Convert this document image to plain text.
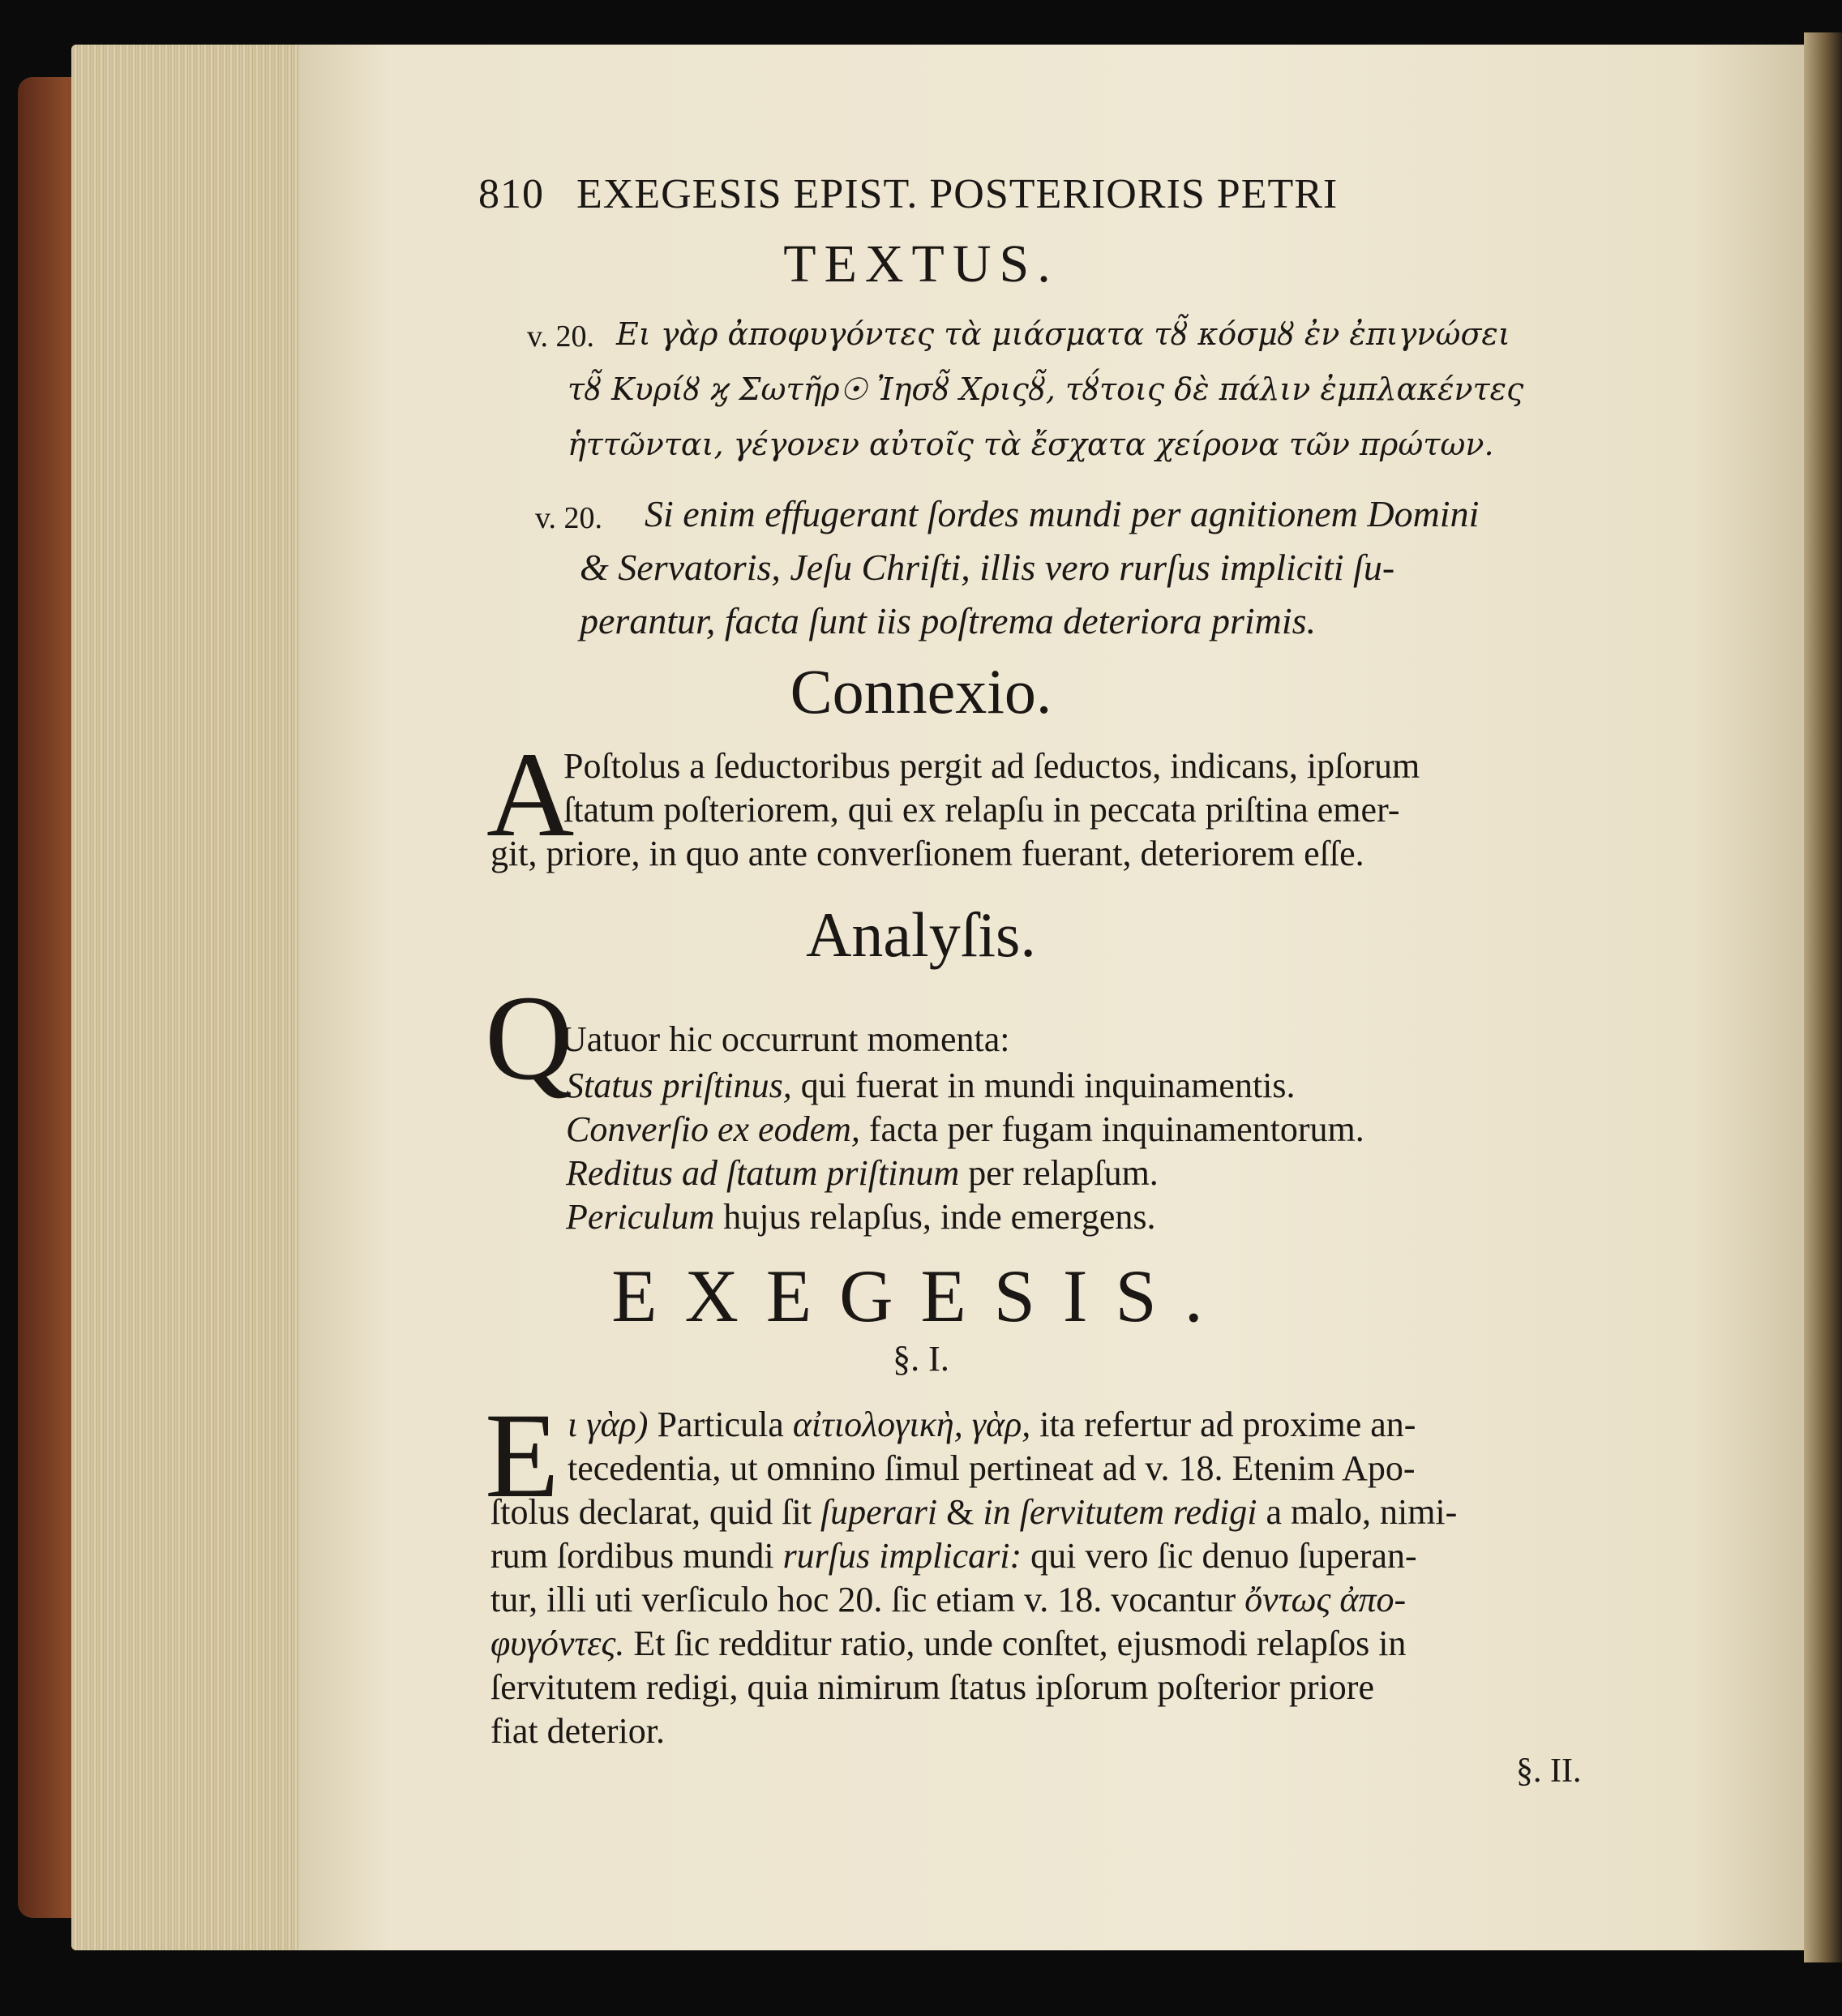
810 EXEGESIS EPIST. POSTERIORIS PETRI
TEXTUS.
v. 20. Ει γὰρ ἀποφυγόντες τὰ μιάσματα τȣ̃ κόσμȣ ἐν ἐπιγνώσει
τȣ̃ Κυρίȣ ϗ Σωτῆρ☉ Ἰησȣ̃ Χριςȣ̃, τȣ́τοις δὲ πάλιν ἐμπλακέντες
ἡττῶνται, γέγονεν αὐτοῖς τὰ ἔσχατα χείρονα τῶν πρώτων.
v. 20. Si enim effugerant ſordes mundi per agnitionem Domini
& Servatoris, Jeſu Chriſti, illis vero rurſus impliciti ſu-
perantur, facta ſunt iis poſtrema deteriora primis.
Connexio.
A
Poſtolus a ſeductoribus pergit ad ſeductos, indicans, ipſorum
ſtatum poſteriorem, qui ex relapſu in peccata priſtina emer-
git, priore, in quo ante converſionem fuerant, deteriorem eſſe.
Analyſis.
Q
Uatuor hic occurrunt momenta:
Status priſtinus, qui fuerat in mundi inquinamentis.
Converſio ex eodem, facta per fugam inquinamentorum.
Reditus ad ſtatum priſtinum per relapſum.
Periculum hujus relapſus, inde emergens.
EXEGESIS.
§. I.
E ι γὰρ) Particula αἰτιολογικὴ, γὰρ, ita refertur ad proxime an-
tecedentia, ut omnino ſimul pertineat ad v. 18. Etenim Apo-
ſtolus declarat, quid ſit ſuperari & in ſervitutem redigi a malo, nimi-
rum ſordibus mundi rurſus implicari: qui vero ſic denuo ſuperan-
tur, illi uti verſiculo hoc 20. ſic etiam v. 18. vocantur ὄντως ἀπο-
φυγόντες. Et ſic redditur ratio, unde conſtet, ejusmodi relapſos in
ſervitutem redigi, quia nimirum ſtatus ipſorum poſterior priore
fiat deterior.
§. II.
